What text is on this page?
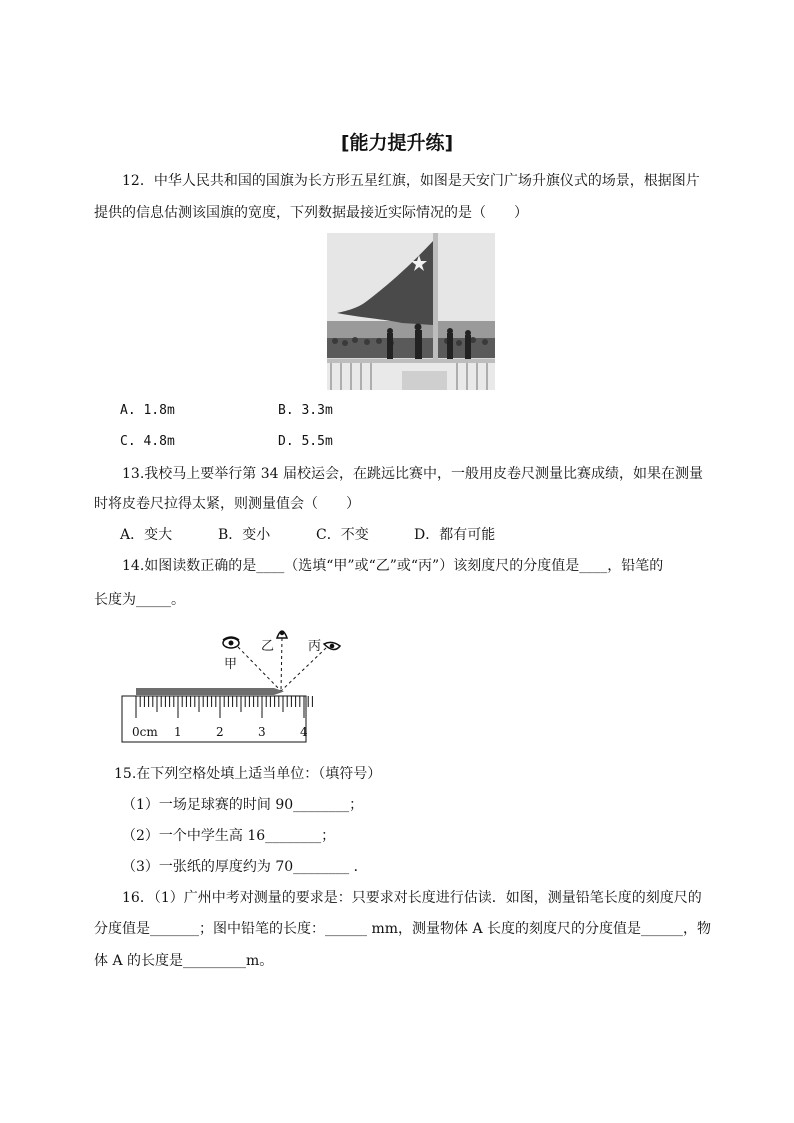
[能力提升练]
12．中华人民共和国的国旗为长方形五星红旗，如图是天安门广场升旗仪式的场景，根据图片
提供的信息估测该国旗的宽度，下列数据最接近实际情况的是（　　）
A. 1.8m	B. 3.3m
C. 4.8m	D. 5.5m
13.我校马上要举行第 34 届校运会，在跳远比赛中，一般用皮卷尺测量比赛成绩，如果在测量
时将皮卷尺拉得太紧，则测量值会（　　）
A．变大	B．变小	C．不变	D．都有可能
14.如图读数正确的是____（选填“甲”或“乙”或“丙”）该刻度尺的分度值是____，铅笔的
长度为_____。
甲
乙	丙
0cm 1	2	3	4
15.在下列空格处填上适当单位：（填符号）
（1）一场足球赛的时间 90________；
（2）一个中学生高 16________；
（3）一张纸的厚度约为 70________ ．
16．（1）广州中考对测量的要求是：只要求对长度进行估读．如图，测量铅笔长度的刻度尺的
分度值是_______；图中铅笔的长度：______ mm，测量物体 A 长度的刻度尺的分度值是______，物
体 A 的长度是_________m。
